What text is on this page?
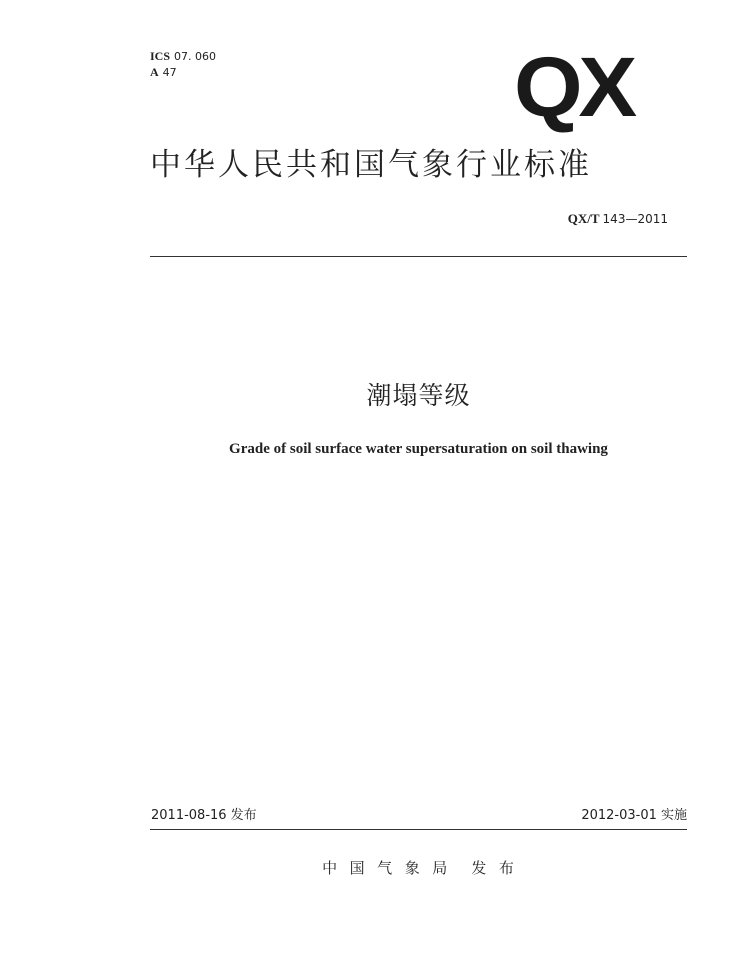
ICS 07. 060
A 47	QX
中华人民共和国气象行业标准
QX/T 143—2011
潮塌等级
Grade of soil surface water supersaturation on soil thawing
2011-08-16 发布	2012-03-01 实施
中  国  气  象  局    发  布
